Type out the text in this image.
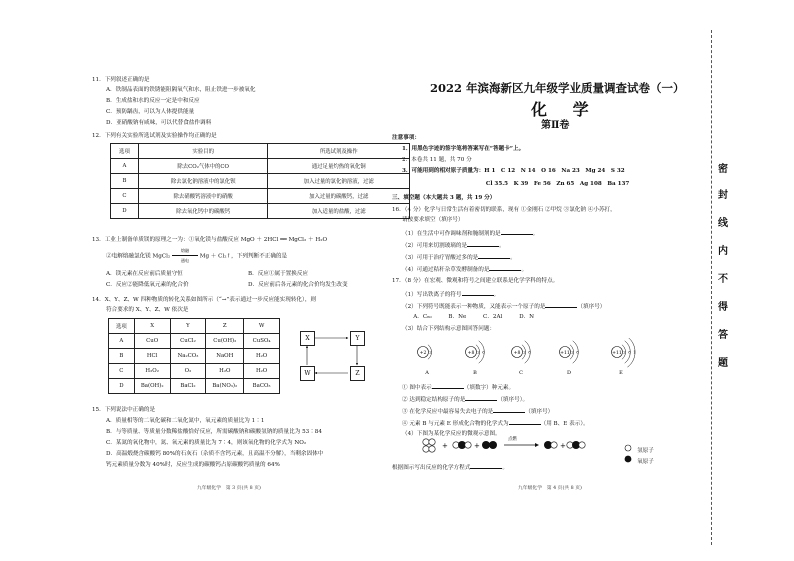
11．下列叙述正确的是
A．铁制品表面的铁锈能阻隔氧气和水，阻止铁进一步被氧化
B．生成盐和水的反应一定是中和反应
C．预防龋齿，可以为人体提供能量
D．亚硝酸钠有咸味，可以代替食盐作调料
12．下列有关实验所选试剂及实验操作均正确的是
选项	实验目的	所选试剂及操作
A	除去CO₂气体中的CO	通过足量灼热的氧化铜
B	除去氯化钠溶液中的氯化钡	加入过量的氯化钠溶液，过滤
C	除去硝酸钙溶液中的硝酸	加入过量的碳酸钙，过滤
D	除去氧化钙中的碳酸钙	加入适量的盐酸，过滤
13．工业上制备单质镁的原理之一为：①氧化镁与盐酸反应 MgO ＋ 2HCl ══ MgCl₂ ＋ H₂O
②电解熔融氯化镁 MgCl₂
熔融
通电
Mg ＋ Cl₂↑，下列判断不正确的是
A．镁元素在反应前后质量守恒	B．反应①属于置换反应
C．反应②能降低氧元素的化合价	D．反应前后各元素的化合价均发生改变
14．X、Y、Z、W 四种物质的转化关系如图所示（“→”表示通过一步反应能实现转化），则
符合要求的 X、Y、Z、W 依次是
选项	X	Y	Z	W
A	CuO	CuCl₂	Cu(OH)₂	CuSO₄
B	HCl	Na₂CO₃	NaOH	H₂O
C	H₂O₂	O₂	H₂O	H₂O
D	Ba(OH)₂	BaCl₂	Ba(NO₃)₂	BaCO₃
X	Y
W	Z
15．下列说法中正确的是
A．质量相等的二氧化碳和二氧化氮中，氧元素的质量比为 1∶1
B．与等质量、等质量分数稀盐酸恰好反应，所需碳酸钠和碳酸氢钠的质量比为 53∶84
C．某氮的氧化物中，氮、氧元素的质量比为 7∶4，则该氧化物的化学式为 NO₂
D．高温煅烧含碳酸钙 80%的石灰石（杂质不含钙元素，且高温不分解），当剩余固体中
钙元素质量分数为 40%时，反应生成的碳酸钙占原碳酸钙质量的 64%
九年级化学　第 3 页(共 8 页)
2022 年滨海新区九年级学业质量调查试卷（一）
化 学
第Ⅱ卷
注意事项：
1．用黑色字迹的签字笔将答案写在“答题卡”上。
2．本卷共 11 题，共 70 分
3．可能用到的相对原子质量为：H 1　C 12　N 14　O 16　Na 23　Mg 24　S 32
　　　　　　　　　　　　　　　Cl 35.5　K 39　Fe 56　Zn 65　Ag 108　Ba 137
三、填空题（本大题共 3 题，共 19 分）
16．（4 分）化学与日常生活有着密切的联系，现有 ①金刚石 ②甲烷 ③氯化钠 ④小苏打，
请按要求填空（填序号）
（1）在生活中可作调味剂和腌制剂的是	。
（2）可用来切割玻璃的是	。
（3）可用于治疗胃酸过多的是	。
（4）可通过秸秆杂草发酵制备的是	。
17．（8 分）在宏观、微观和符号之间建立联系是化学学科的特点。
（1）写出铁离子的符号	。
（2）下列符号既能表示一种物质，又能表示一个原子的是	（填序号）
　　A．C₆₀　　　B．Ne　　　C．2Al　　　D．N
（3）结合下列结构示意图回答问题：
+2 2
A
+8 2 6
B
+8 2 8
C
+11 2 8
D
+11 2 8 1
E
① 图中表示	（填数字）种元素。
② 达到稳定结构原子的是	（填序号）。
③ 在化学反应中最容易失去电子的是	（填序号）
④ 元素 B 与元素 E 形成化合物的化学式为	（用 B、E 表示）。
（4）下图为某化学反应的微观示意图。
+	+	+
点燃
氢原子
氧原子
根据图示写出反应的化学方程式	。
九年级化学　第 4 页(共 8 页)
密
封
线
内
不
得
答
题
